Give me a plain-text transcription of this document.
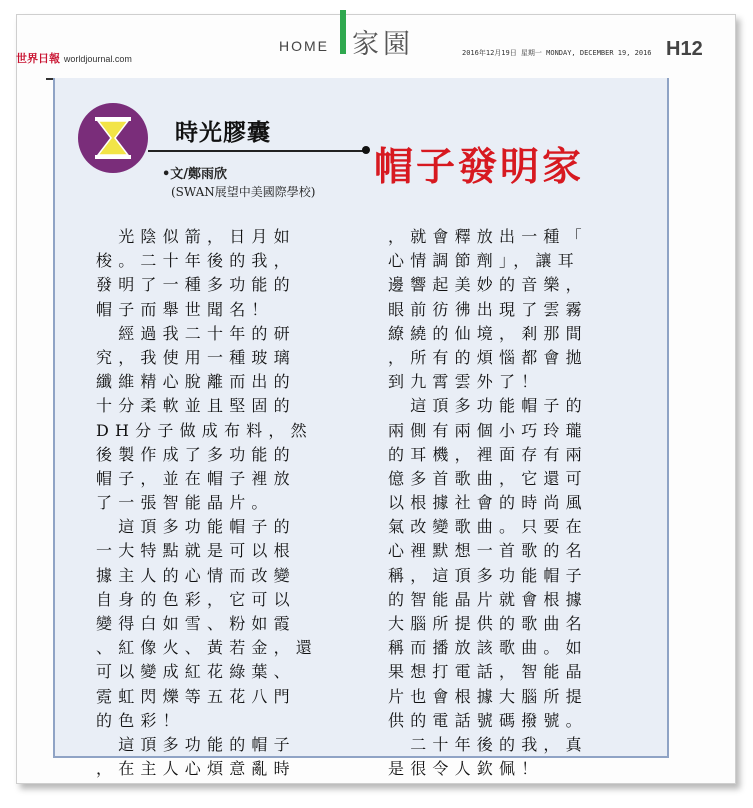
世界日報 worldjournal.com
HOME 家園	2016年12月19日 星期一 MONDAY, DECEMBER 19, 2016 H12
時光膠囊
•文/鄭雨欣
(SWAN展望中美國際學校)
帽子發明家
　光陰似箭，日月如
梭。二十年後的我，
發明了一種多功能的
帽子而舉世聞名！
　經過我二十年的研
究，我使用一種玻璃
纖維精心脫離而出的
十分柔軟並且堅固的
DH分子做成布料，然
後製作成了多功能的
帽子，並在帽子裡放
了一張智能晶片。
　這頂多功能帽子的
一大特點就是可以根
據主人的心情而改變
自身的色彩，它可以
變得白如雪、粉如霞
、紅像火、黃若金，還
可以變成紅花綠葉、
霓虹閃爍等五花八門
的色彩！
　這頂多功能的帽子
，在主人心煩意亂時
，就會釋放出一種「
心情調節劑」，讓耳
邊響起美妙的音樂，
眼前彷彿出現了雲霧
繚繞的仙境，剎那間
，所有的煩惱都會拋
到九霄雲外了！
　這頂多功能帽子的
兩側有兩個小巧玲瓏
的耳機，裡面存有兩
億多首歌曲，它還可
以根據社會的時尚風
氣改變歌曲。只要在
心裡默想一首歌的名
稱，這頂多功能帽子
的智能晶片就會根據
大腦所提供的歌曲名
稱而播放該歌曲。如
果想打電話，智能晶
片也會根據大腦所提
供的電話號碼撥號。
　二十年後的我，真
是很令人欽佩！
